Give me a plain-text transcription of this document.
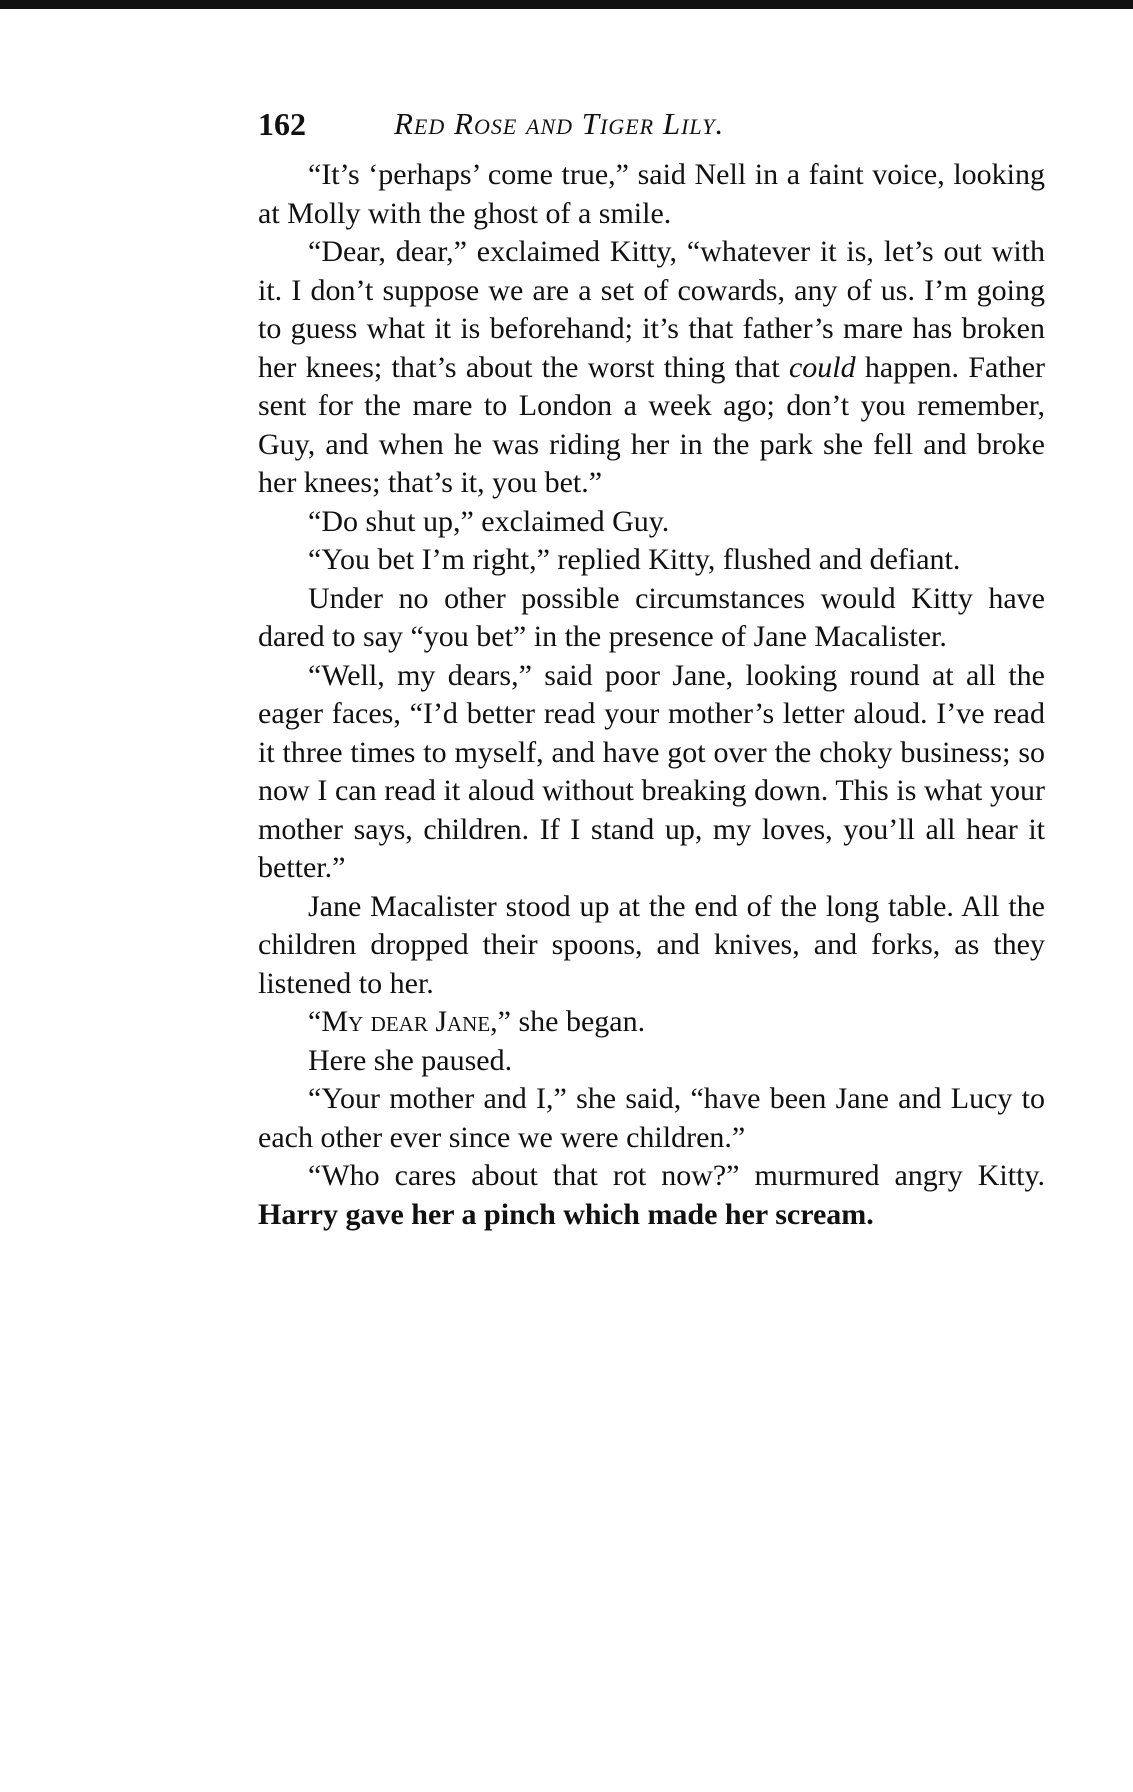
162	Red Rose and Tiger Lily.

“It’s ‘perhaps’ come true,” said Nell in a faint voice, looking at Molly with the ghost of a smile.

“Dear, dear,” exclaimed Kitty, “whatever it is, let’s out with it. I don’t suppose we are a set of cowards, any of us. I’m going to guess what it is beforehand; it’s that father’s mare has broken her knees; that’s about the worst thing that could happen. Father sent for the mare to London a week ago; don’t you remember, Guy, and when he was riding her in the park she fell and broke her knees; that’s it, you bet.”

“Do shut up,” exclaimed Guy.

“You bet I’m right,” replied Kitty, flushed and defiant.

Under no other possible circumstances would Kitty have dared to say “you bet” in the presence of Jane Macalister.

“Well, my dears,” said poor Jane, looking round at all the eager faces, “I’d better read your mother’s letter aloud. I’ve read it three times to myself, and have got over the choky business; so now I can read it aloud without breaking down. This is what your mother says, children. If I stand up, my loves, you’ll all hear it better.”

Jane Macalister stood up at the end of the long table. All the children dropped their spoons, and knives, and forks, as they listened to her.

“My dear Jane,” she began.

Here she paused.

“Your mother and I,” she said, “have been Jane and Lucy to each other ever since we were children.”

“Who cares about that rot now?” murmured angry Kitty. Harry gave her a pinch which made her scream.
